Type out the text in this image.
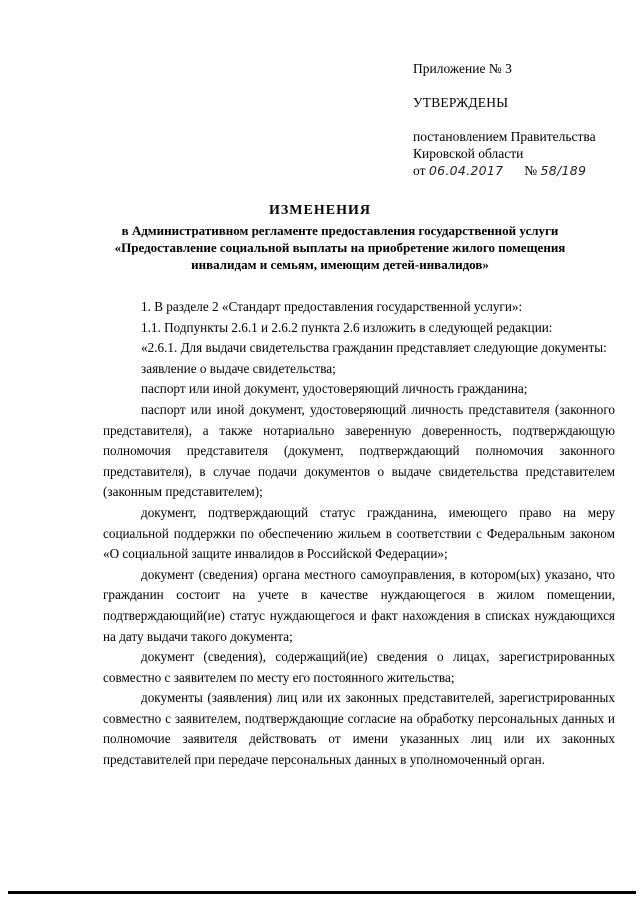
Приложение № 3
УТВЕРЖДЕНЫ
постановлением Правительства
Кировской области
от 06.04.2017 № 58/189
ИЗМЕНЕНИЯ
в Административном регламенте предоставления государственной услуги «Предоставление социальной выплаты на приобретение жилого помещения инвалидам и семьям, имеющим детей-инвалидов»

1. В разделе 2 «Стандарт предоставления государственной услуги»:

1.1. Подпункты 2.6.1 и 2.6.2 пункта 2.6 изложить в следующей редакции:

«2.6.1. Для выдачи свидетельства гражданин представляет следующие документы:

заявление о выдаче свидетельства;

паспорт или иной документ, удостоверяющий личность гражданина;

паспорт или иной документ, удостоверяющий личность представителя (законного представителя), а также нотариально заверенную доверенность, подтверждающую полномочия представителя (документ, подтверждающий полномочия законного представителя), в случае подачи документов о выдаче свидетельства представителем (законным представителем);

документ, подтверждающий статус гражданина, имеющего право на меру социальной поддержки по обеспечению жильем в соответствии с Федеральным законом «О социальной защите инвалидов в Российской Федерации»;

документ (сведения) органа местного самоуправления, в котором(ых) указано, что гражданин состоит на учете в качестве нуждающегося в жилом помещении, подтверждающий(ие) статус нуждающегося и факт нахождения в списках нуждающихся на дату выдачи такого документа;

документ (сведения), содержащий(ие) сведения о лицах, зарегистрированных совместно с заявителем по месту его постоянного жительства;

документы (заявления) лиц или их законных представителей, зарегистрированных совместно с заявителем, подтверждающие согласие на обработку персональных данных и полномочие заявителя действовать от имени указанных лиц или их законных представителей при передаче персональных данных в уполномоченный орган.
